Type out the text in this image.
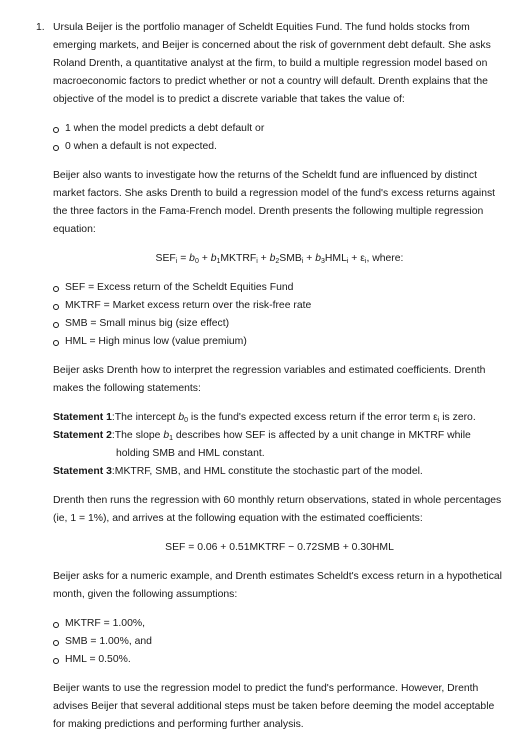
1. Ursula Beijer is the portfolio manager of Scheldt Equities Fund. The fund holds stocks from emerging markets, and Beijer is concerned about the risk of government debt default. She asks Roland Drenth, a quantitative analyst at the firm, to build a multiple regression model based on macroeconomic factors to predict whether or not a country will default. Drenth explains that the objective of the model is to predict a discrete variable that takes the value of:

1 when the model predicts a debt default or
0 when a default is not expected.

Beijer also wants to investigate how the returns of the Scheldt fund are influenced by distinct market factors. She asks Drenth to build a regression model of the fund's excess returns against the three factors in the Fama-French model. Drenth presents the following multiple regression equation:

$SEF_i = b_0$ + $b_1MKTRF_i + b_2SMB_i + b_3HML_i + \varepsilon_i$, where:

SEF = Excess return of the Scheldt Equities Fund
MKTRF = Market excess return over the risk-free rate
SMB = Small minus big (size effect)
HML = High minus low (value premium)

Beijer asks Drenth how to interpret the regression variables and estimated coefficients. Drenth makes the following statements:

Statement 1:The intercept $b_0$ is the fund's expected excess return if the error term $\varepsilon_i$ is zero.

Statement 2:The slope $b_1$ describes how SEF is affected by a unit change in MKTRF while

holding SMB and HML constant.

Statement 3:MKTRF, SMB, and HML constitute the stochastic part of the model.

Drenth then runs the regression with 60 monthly return observations, stated in whole percentages (ie, 1 = 1%), and arrives at the following equation with the estimated coefficients:

SEF = 0.06 + 0.51MKTRF − 0.72SMB + 0.30HML

Beijer asks for a numeric example, and Drenth estimates Scheldt's excess return in a hypothetical month, given the following assumptions:

MKTRF = 1.00%,
SMB = 1.00%, and
HML = 0.50%.

Beijer wants to use the regression model to predict the fund's performance. However, Drenth advises Beijer that several additional steps must be taken before deeming the model acceptable for making predictions and performing further analysis.
